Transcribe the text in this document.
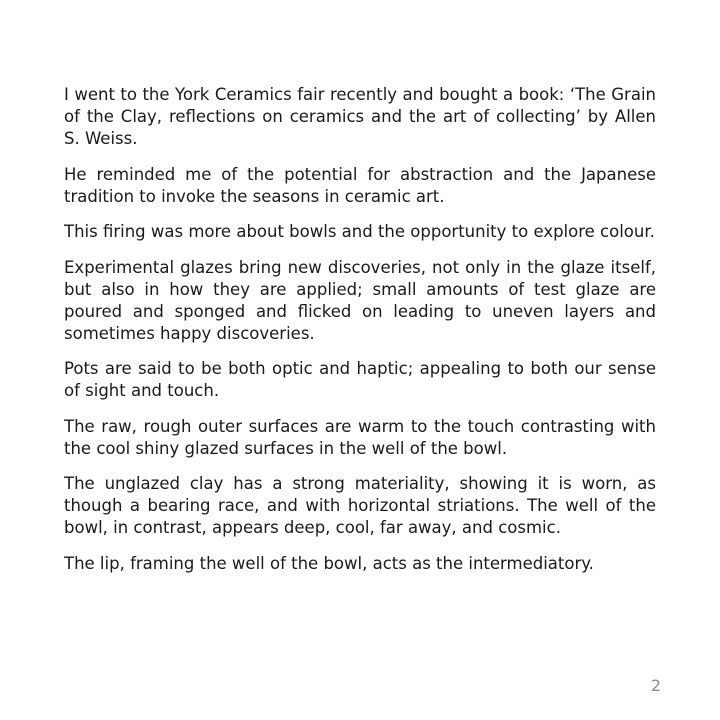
I went to the York Ceramics fair recently and bought a book: ‘The Grain of the Clay, reflections on ceramics and the art of collecting’ by Allen S. Weiss.

He reminded me of the potential for abstraction and the Japanese tradition to invoke the seasons in ceramic art.

This firing was more about bowls and the opportunity to explore colour.

Experimental glazes bring new discoveries, not only in the glaze itself, but also in how they are applied; small amounts of test glaze are poured and sponged and flicked on leading to uneven layers and sometimes happy discoveries.

Pots are said to be both optic and haptic; appealing to both our sense of sight and touch.

The raw, rough outer surfaces are warm to the touch contrasting with the cool shiny glazed surfaces in the well of the bowl.

The unglazed clay has a strong materiality, showing it is worn, as though a bearing race, and with horizontal striations. The well of the bowl, in contrast, appears deep, cool, far away, and cosmic.

The lip, framing the well of the bowl, acts as the intermediatory.

2
